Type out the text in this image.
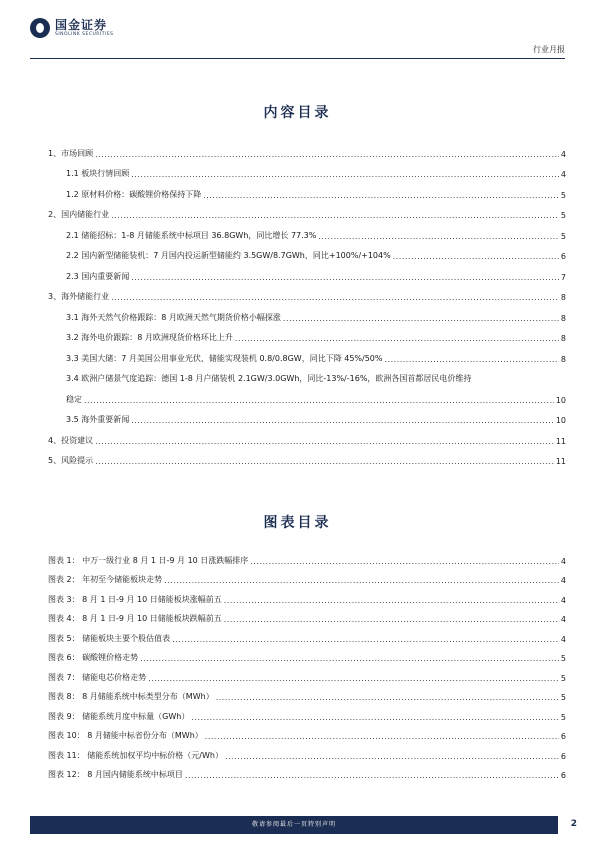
国金证券
SINOLINK SECURITIES
行业月报
内容目录
1、市场回顾 .....	4
1.1 板块行情回顾 .....	4
1.2 原材料价格：碳酸锂价格保持下降 .....	5
2、国内储能行业 .....	5
2.1 储能招标：1-8 月储能系统中标项目 36.8GWh，同比增长 77.3% .....	5
2.2 国内新型储能装机：7 月国内投运新型储能约 3.5GW/8.7GWh，同比+100%/+104% .....	6
2.3 国内重要新闻 .....	7
3、海外储能行业 .....	8
3.1 海外天然气价格跟踪：8 月欧洲天然气期货价格小幅探涨 .....	8
3.2 海外电价跟踪：8 月欧洲现货价格环比上升 .....	8
3.3 美国大储：7 月美国公用事业光伏、储能实现装机 0.8/0.8GW，同比下降 45%/50% .....	8
3.4 欧洲户储景气度追踪：德国 1-8 月户储装机 2.1GW/3.0GWh，同比-13%/-16%，欧洲各国首都居民电价维持
稳定 .....	10
3.5 海外重要新闻 .....	10
4、投资建议 .....	11
5、风险提示 .....	11
图表目录
图表 1： 中万一级行业 8 月 1 日-9 月 10 日涨跌幅排序 .....	4
图表 2： 年初至今储能板块走势 .....	4
图表 3： 8 月 1 日-9 月 10 日储能板块涨幅前五 .....	4
图表 4： 8 月 1 日-9 月 10 日储能板块跌幅前五 .....	4
图表 5： 储能板块主要个股估值表 .....	4
图表 6： 碳酸锂价格走势 .....	5
图表 7： 储能电芯价格走势 .....	5
图表 8： 8 月储能系统中标类型分布（MWh） .....	5
图表 9： 储能系统月度中标量（GWh） .....	5
图表 10： 8 月储能中标省份分布（MWh） .....	6
图表 11： 储能系统加权平均中标价格（元/Wh） .....	6
图表 12： 8 月国内储能系统中标项目 .....	6
敬请参阅最后一页特别声明	2
